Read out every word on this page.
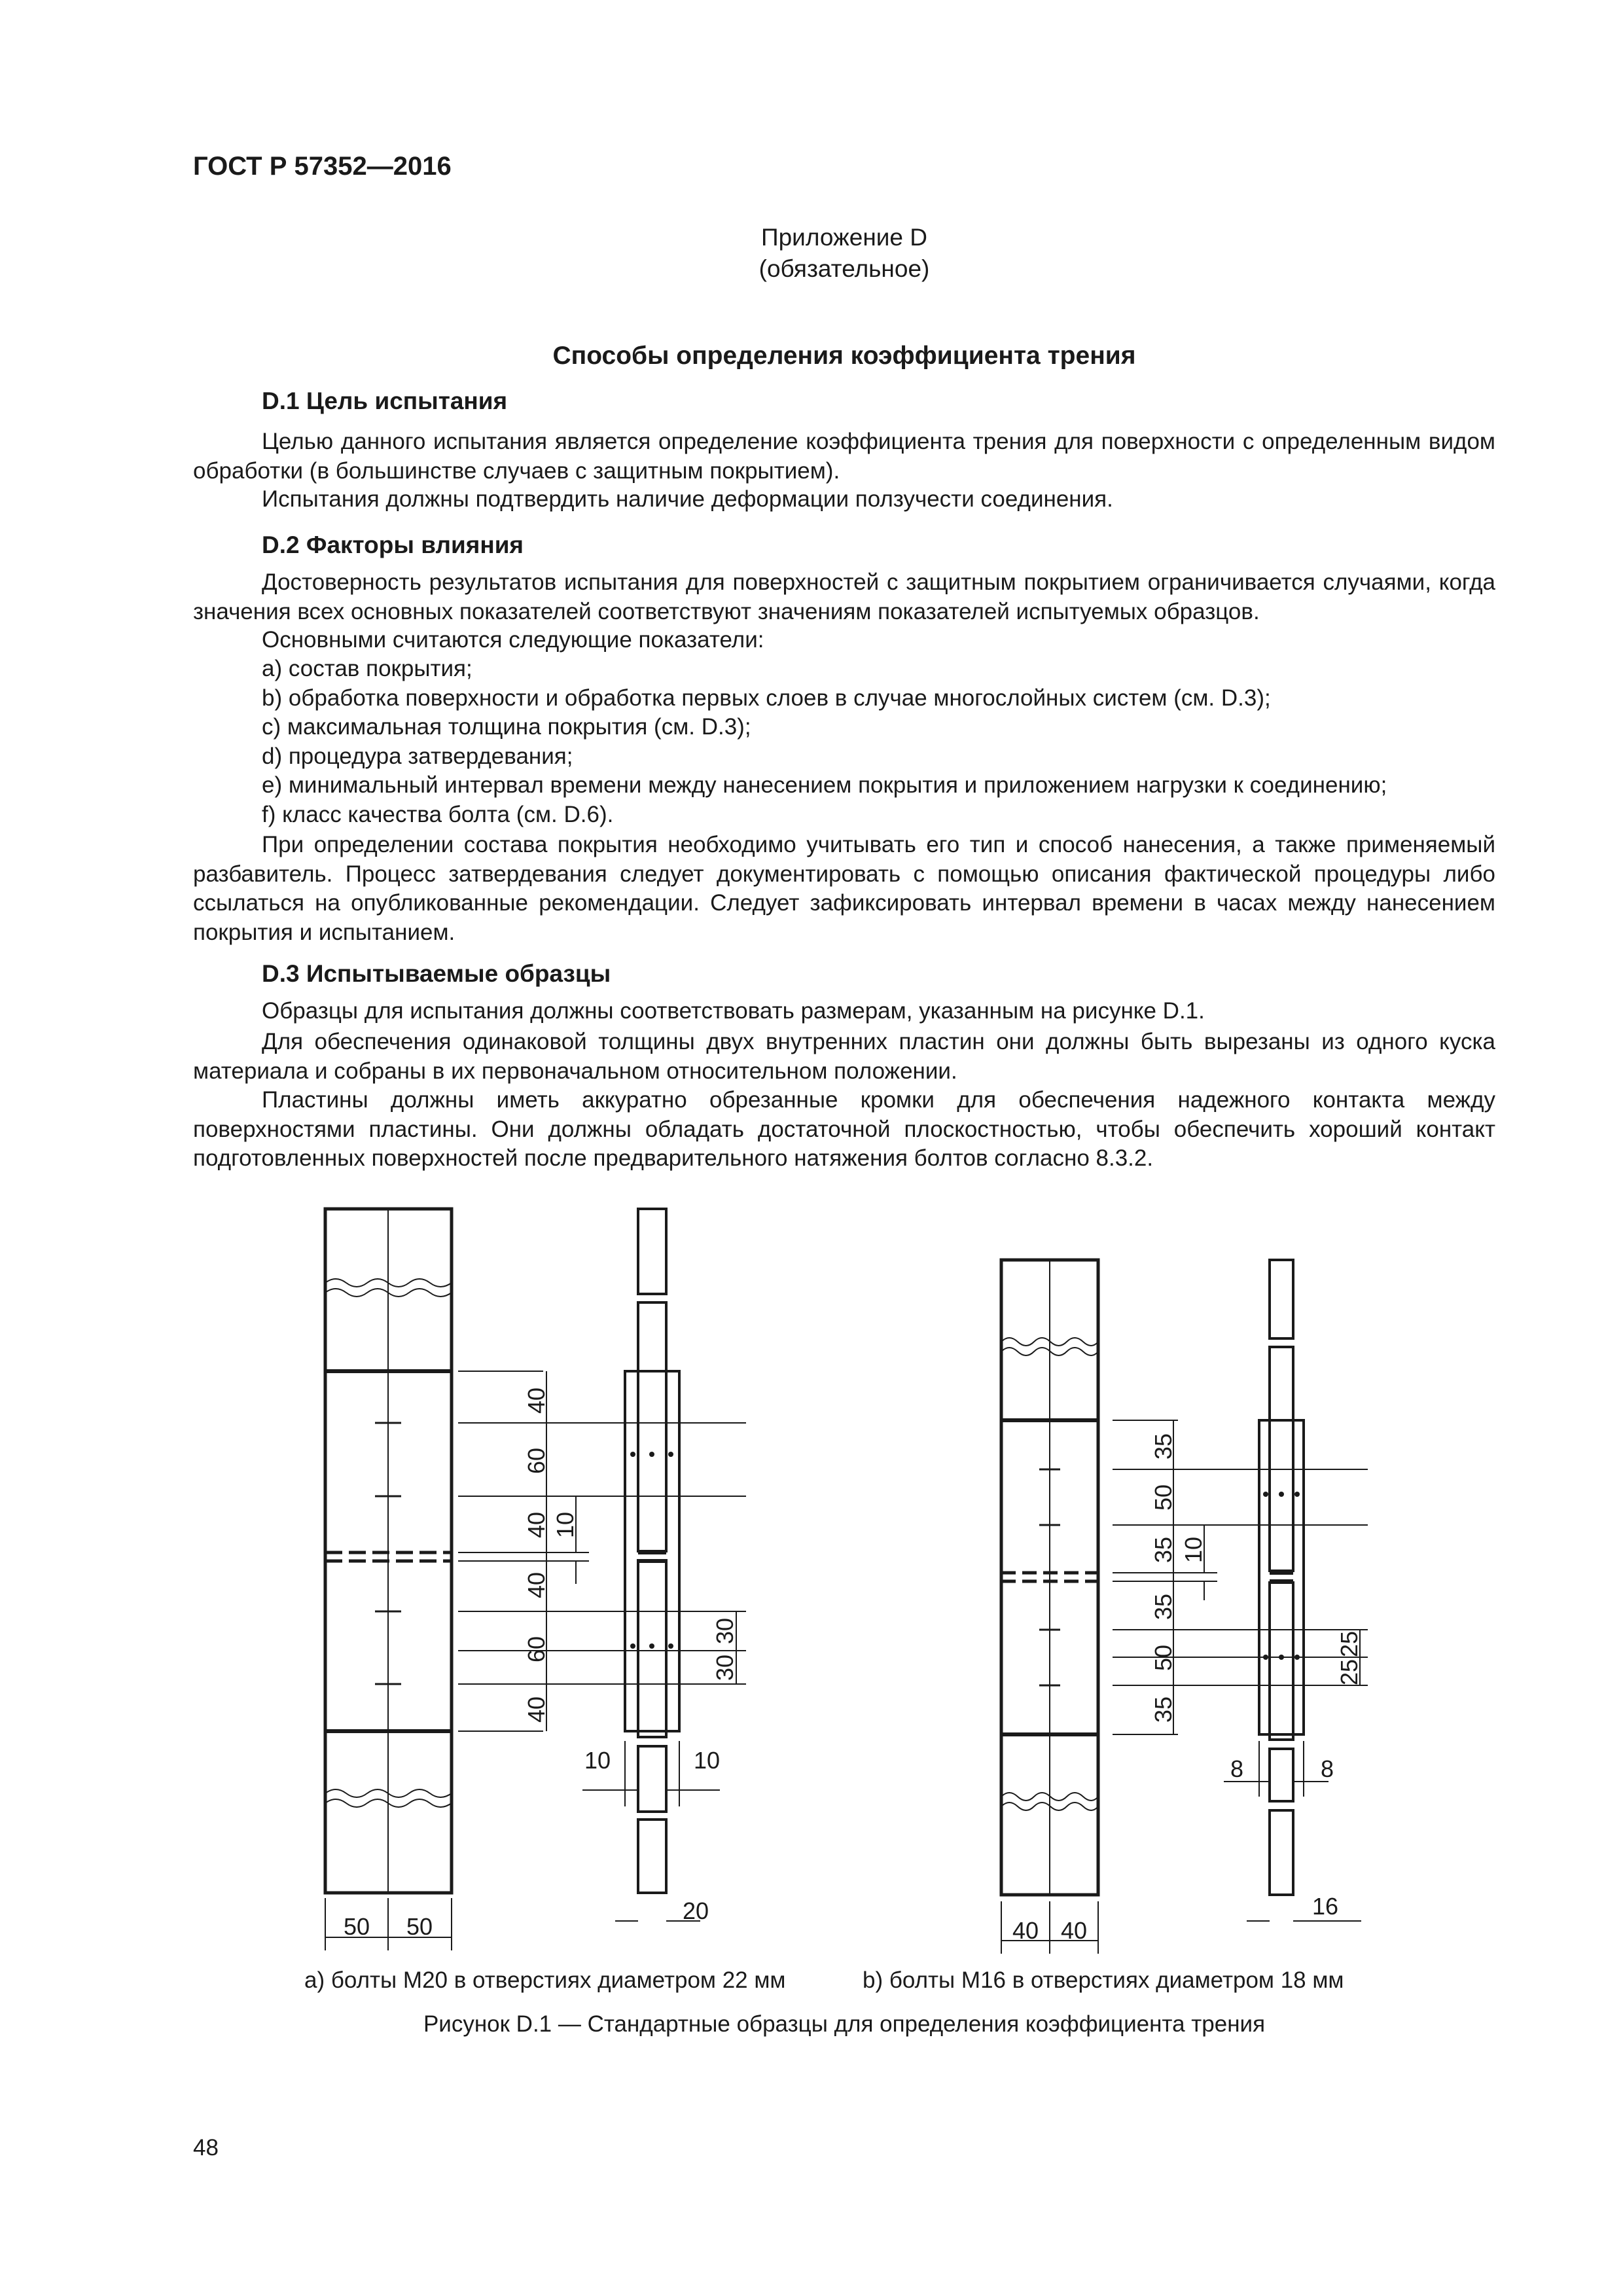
ГОСТ Р 57352—2016
Приложение D
(обязательное)
Способы определения коэффициента трения
D.1 Цель испытания
Целью данного испытания является определение коэффициента трения для поверхности с определенным видом обработки (в большинстве случаев с защитным покрытием).
Испытания должны подтвердить наличие деформации ползучести соединения.
D.2 Факторы влияния
Достоверность результатов испытания для поверхностей с защитным покрытием ограничивается случаями, когда значения всех основных показателей соответствуют значениям показателей испытуемых образцов.
Основными считаются следующие показатели:
a) состав покрытия;
b) обработка поверхности и обработка первых слоев в случае многослойных систем (см. D.3);
c) максимальная толщина покрытия (см. D.3);
d) процедура затвердевания;
e) минимальный интервал времени между нанесением покрытия и приложением нагрузки к соединению;
f) класс качества болта (см. D.6).
При определении состава покрытия необходимо учитывать его тип и способ нанесения, а также применяемый разбавитель. Процесс затвердевания следует документировать с помощью описания фактической процедуры либо ссылаться на опубликованные рекомендации. Следует зафиксировать интервал времени в часах между нанесением покрытия и испытанием.
D.3 Испытываемые образцы
Образцы для испытания должны соответствовать размерам, указанным на рисунке D.1.
Для обеспечения одинаковой толщины двух внутренних пластин они должны быть вырезаны из одного куска материала и собраны в их первоначальном относительном положении.
Пластины должны иметь аккуратно обрезанные кромки для обеспечения надежного контакта между поверхностями пластины. Они должны обладать достаточной плоскостностью, чтобы обеспечить хороший контакт подготовленных поверхностей после предварительного натяжения болтов согласно 8.3.2.
40
60
40 10
40
60
40
30
30
10	10
20
50 50
35
50
35 10
35
50
35
25
25
8	8
16
40 40
a) болты М20 в отверстиях диаметром 22 мм	b) болты М16 в отверстиях диаметром 18 мм
Рисунок D.1 — Стандартные образцы для определения коэффициента трения
48
